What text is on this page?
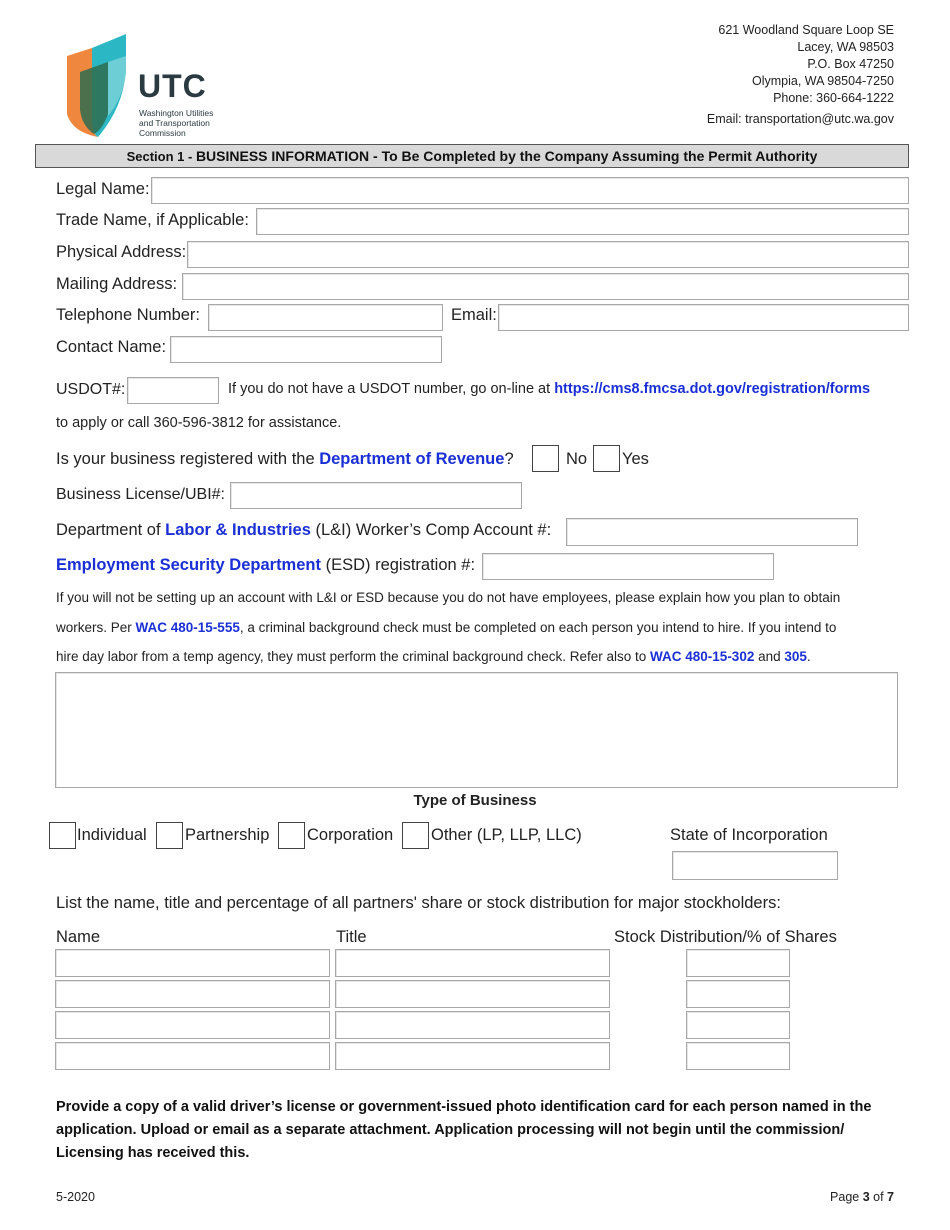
UTC
Washington Utilities
and Transportation
Commission
621 Woodland Square Loop SE
Lacey, WA 98503
P.O. Box 47250
Olympia, WA 98504-7250
Phone: 360-664-1222
Email: transportation@utc.wa.gov
Section 1 - BUSINESS INFORMATION - To Be Completed by the Company Assuming the Permit Authority
Legal Name:
Trade Name, if Applicable:
Physical Address:
Mailing Address:
Telephone Number:	Email:
Contact Name:
USDOT#:	If you do not have a USDOT number, go on-line at https://cms8.fmcsa.dot.gov/registration/forms
to apply or call 360-596-3812 for assistance.
Is your business registered with the Department of Revenue?	No Yes
Business License/UBI#:
Department of Labor & Industries (L&I) Worker’s Comp Account #:
Employment Security Department (ESD) registration #:
If you will not be setting up an account with L&I or ESD because you do not have employees, please explain how you plan to obtain
workers. Per WAC 480-15-555, a criminal background check must be completed on each person you intend to hire. If you intend to
hire day labor from a temp agency, they must perform the criminal background check. Refer also to WAC 480-15-302 and 305.
Type of Business
Individual Partnership Corporation Other (LP, LLP, LLC)	State of Incorporation
List the name, title and percentage of all partners' share or stock distribution for major stockholders:
Name	Title	Stock Distribution/% of Shares
Provide a copy of a valid driver’s license or government-issued photo identification card for each person named in the application. Upload or email as a separate attachment. Application processing will not begin until the commission/ Licensing has received this.
5-2020	Page 3 of 7
